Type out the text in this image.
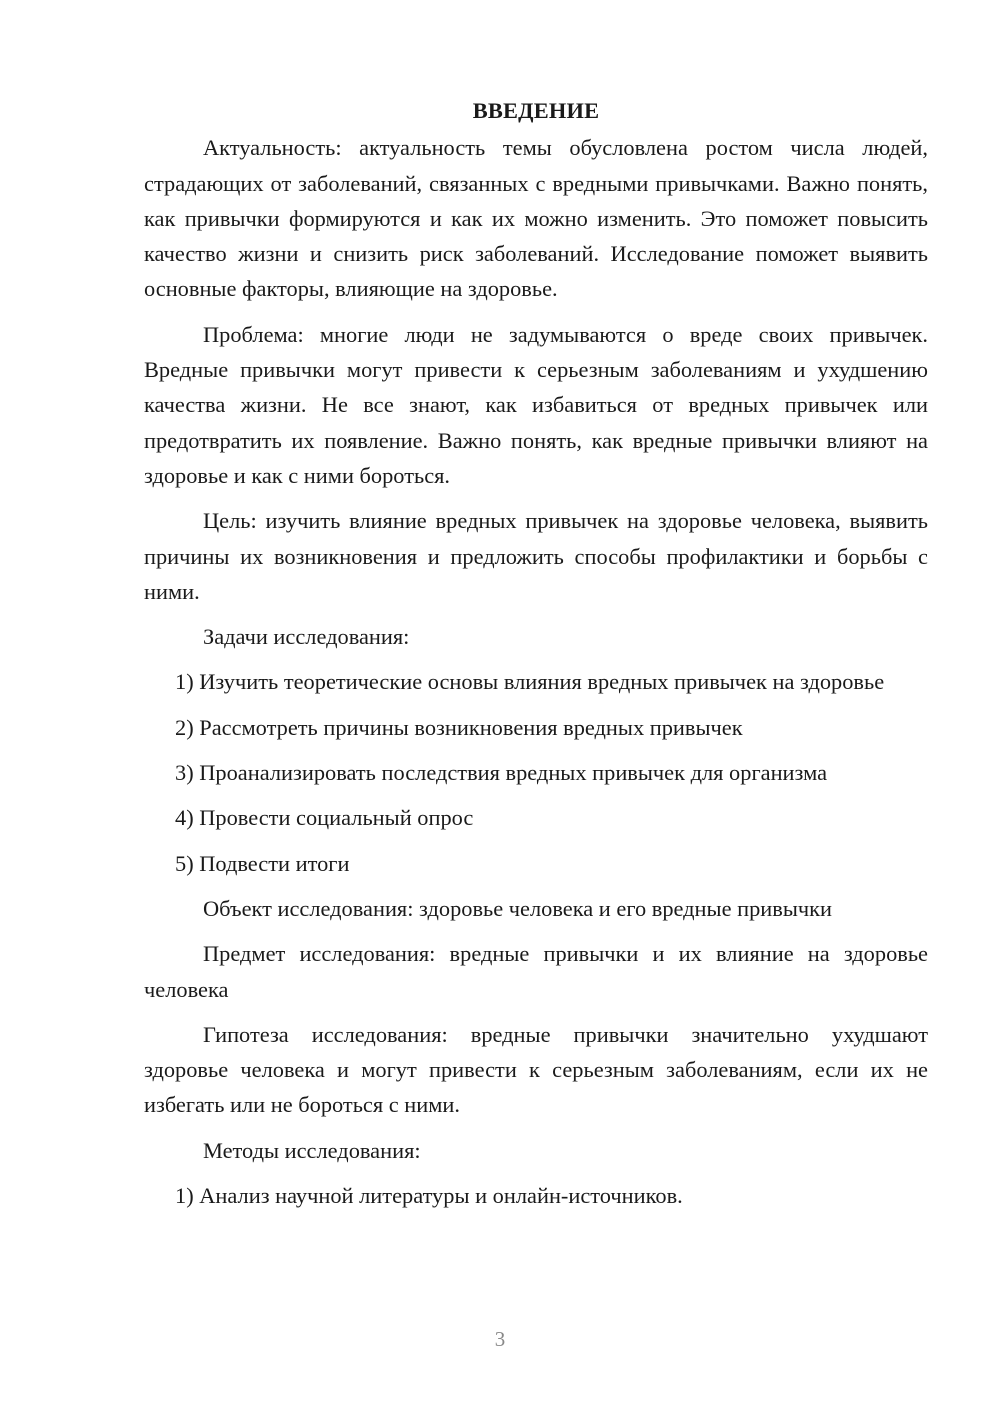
ВВЕДЕНИЕ

Актуальность: актуальность темы обусловлена ростом числа людей, страдающих от заболеваний, связанных с вредными привычками. Важно понять, как привычки формируются и как их можно изменить. Это поможет повысить качество жизни и снизить риск заболеваний. Исследование поможет выявить основные факторы, влияющие на здоровье.

Проблема: многие люди не задумываются о вреде своих привычек. Вредные привычки могут привести к серьезным заболеваниям и ухудшению качества жизни. Не все знают, как избавиться от вредных привычек или предотвратить их появление. Важно понять, как вредные привычки влияют на здоровье и как с ними бороться.

Цель: изучить влияние вредных привычек на здоровье человека, выявить причины их возникновения и предложить способы профилактики и борьбы с ними.

Задачи исследования:

1) Изучить теоретические основы влияния вредных привычек на здоровье

2) Рассмотреть причины возникновения вредных привычек

3) Проанализировать последствия вредных привычек для организма

4) Провести социальный опрос

5) Подвести итоги

Объект исследования: здоровье человека и его вредные привычки

Предмет исследования: вредные привычки и их влияние на здоровье человека

Гипотеза исследования: вредные привычки значительно ухудшают здоровье человека и могут привести к серьезным заболеваниям, если их не избегать или не бороться с ними.

Методы исследования:

1) Анализ научной литературы и онлайн-источников.

3
